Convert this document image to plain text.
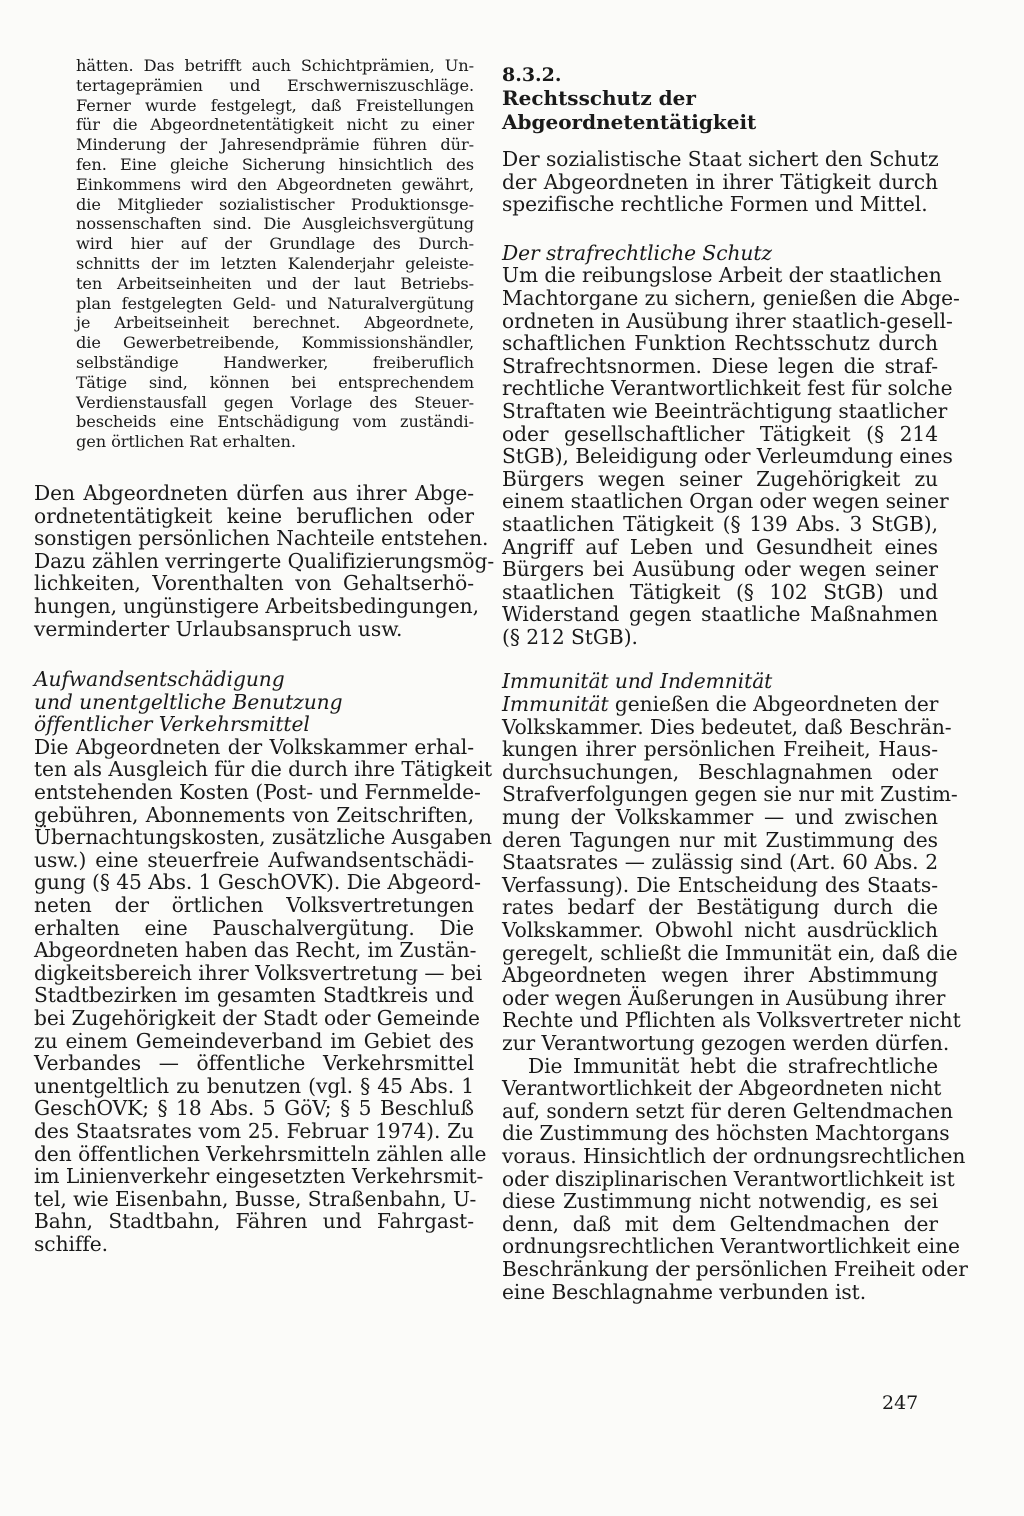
hätten. Das betrifft auch Schichtprämien, Un-
tertageprämien und Erschwerniszuschläge.
Ferner wurde festgelegt, daß Freistellungen
für die Abgeordnetentätigkeit nicht zu einer
Minderung der Jahresendprämie führen dür-
fen. Eine gleiche Sicherung hinsichtlich des
Einkommens wird den Abgeordneten gewährt,
die Mitglieder sozialistischer Produktionsge-
nossenschaften sind. Die Ausgleichsvergütung
wird hier auf der Grundlage des Durch-
schnitts der im letzten Kalenderjahr geleiste-
ten Arbeitseinheiten und der laut Betriebs-
plan festgelegten Geld- und Naturalvergütung
je Arbeitseinheit berechnet. Abgeordnete,
die Gewerbetreibende, Kommissionshändler,
selbständige Handwerker, freiberuflich
Tätige sind, können bei entsprechendem
Verdienstausfall gegen Vorlage des Steuer-
bescheids eine Entschädigung vom zuständi-
gen örtlichen Rat erhalten.
Den Abgeordneten dürfen aus ihrer Abge-
ordnetentätigkeit keine beruflichen oder
sonstigen persönlichen Nachteile entstehen.
Dazu zählen verringerte Qualifizierungsmög-
lichkeiten, Vorenthalten von Gehaltserhö-
hungen, ungünstigere Arbeitsbedingungen,
verminderter Urlaubsanspruch usw.
Aufwandsentschädigung
und unentgeltliche Benutzung
öffentlicher Verkehrsmittel
Die Abgeordneten der Volkskammer erhal-
ten als Ausgleich für die durch ihre Tätigkeit
entstehenden Kosten (Post- und Fernmelde-
gebühren, Abonnements von Zeitschriften,
Übernachtungskosten, zusätzliche Ausgaben
usw.) eine steuerfreie Aufwandsentschädi-
gung (§ 45 Abs. 1 GeschOVK). Die Abgeord-
neten der örtlichen Volksvertretungen
erhalten eine Pauschalvergütung. Die
Abgeordneten haben das Recht, im Zustän-
digkeitsbereich ihrer Volksvertretung — bei
Stadtbezirken im gesamten Stadtkreis und
bei Zugehörigkeit der Stadt oder Gemeinde
zu einem Gemeindeverband im Gebiet des
Verbandes — öffentliche Verkehrsmittel
unentgeltlich zu benutzen (vgl. § 45 Abs. 1
GeschOVK; § 18 Abs. 5 GöV; § 5 Beschluß
des Staatsrates vom 25. Februar 1974). Zu
den öffentlichen Verkehrsmitteln zählen alle
im Linienverkehr eingesetzten Verkehrsmit-
tel, wie Eisenbahn, Busse, Straßenbahn, U-
Bahn, Stadtbahn, Fähren und Fahrgast-
schiffe.
8.3.2.
Rechtsschutz der Abgeordnetentätigkeit
Der sozialistische Staat sichert den Schutz
der Abgeordneten in ihrer Tätigkeit durch
spezifische rechtliche Formen und Mittel.
Der strafrechtliche Schutz
Um die reibungslose Arbeit der staatlichen
Machtorgane zu sichern, genießen die Abge-
ordneten in Ausübung ihrer staatlich-gesell-
schaftlichen Funktion Rechtsschutz durch
Strafrechtsnormen. Diese legen die straf-
rechtliche Verantwortlichkeit fest für solche
Straftaten wie Beeinträchtigung staatlicher
oder gesellschaftlicher Tätigkeit (§ 214
StGB), Beleidigung oder Verleumdung eines
Bürgers wegen seiner Zugehörigkeit zu
einem staatlichen Organ oder wegen seiner
staatlichen Tätigkeit (§ 139 Abs. 3 StGB),
Angriff auf Leben und Gesundheit eines
Bürgers bei Ausübung oder wegen seiner
staatlichen Tätigkeit (§ 102 StGB) und
Widerstand gegen staatliche Maßnahmen
(§ 212 StGB).
Immunität und Indemnität
Immunität genießen die Abgeordneten der
Volkskammer. Dies bedeutet, daß Beschrän-
kungen ihrer persönlichen Freiheit, Haus-
durchsuchungen, Beschlagnahmen oder
Strafverfolgungen gegen sie nur mit Zustim-
mung der Volkskammer — und zwischen
deren Tagungen nur mit Zustimmung des
Staatsrates — zulässig sind (Art. 60 Abs. 2
Verfassung). Die Entscheidung des Staats-
rates bedarf der Bestätigung durch die
Volkskammer. Obwohl nicht ausdrücklich
geregelt, schließt die Immunität ein, daß die
Abgeordneten wegen ihrer Abstimmung
oder wegen Äußerungen in Ausübung ihrer
Rechte und Pflichten als Volksvertreter nicht
zur Verantwortung gezogen werden dürfen.
Die Immunität hebt die strafrechtliche
Verantwortlichkeit der Abgeordneten nicht
auf, sondern setzt für deren Geltendmachen
die Zustimmung des höchsten Machtorgans
voraus. Hinsichtlich der ordnungsrechtlichen
oder disziplinarischen Verantwortlichkeit ist
diese Zustimmung nicht notwendig, es sei
denn, daß mit dem Geltendmachen der
ordnungsrechtlichen Verantwortlichkeit eine
Beschränkung der persönlichen Freiheit oder
eine Beschlagnahme verbunden ist.
247
